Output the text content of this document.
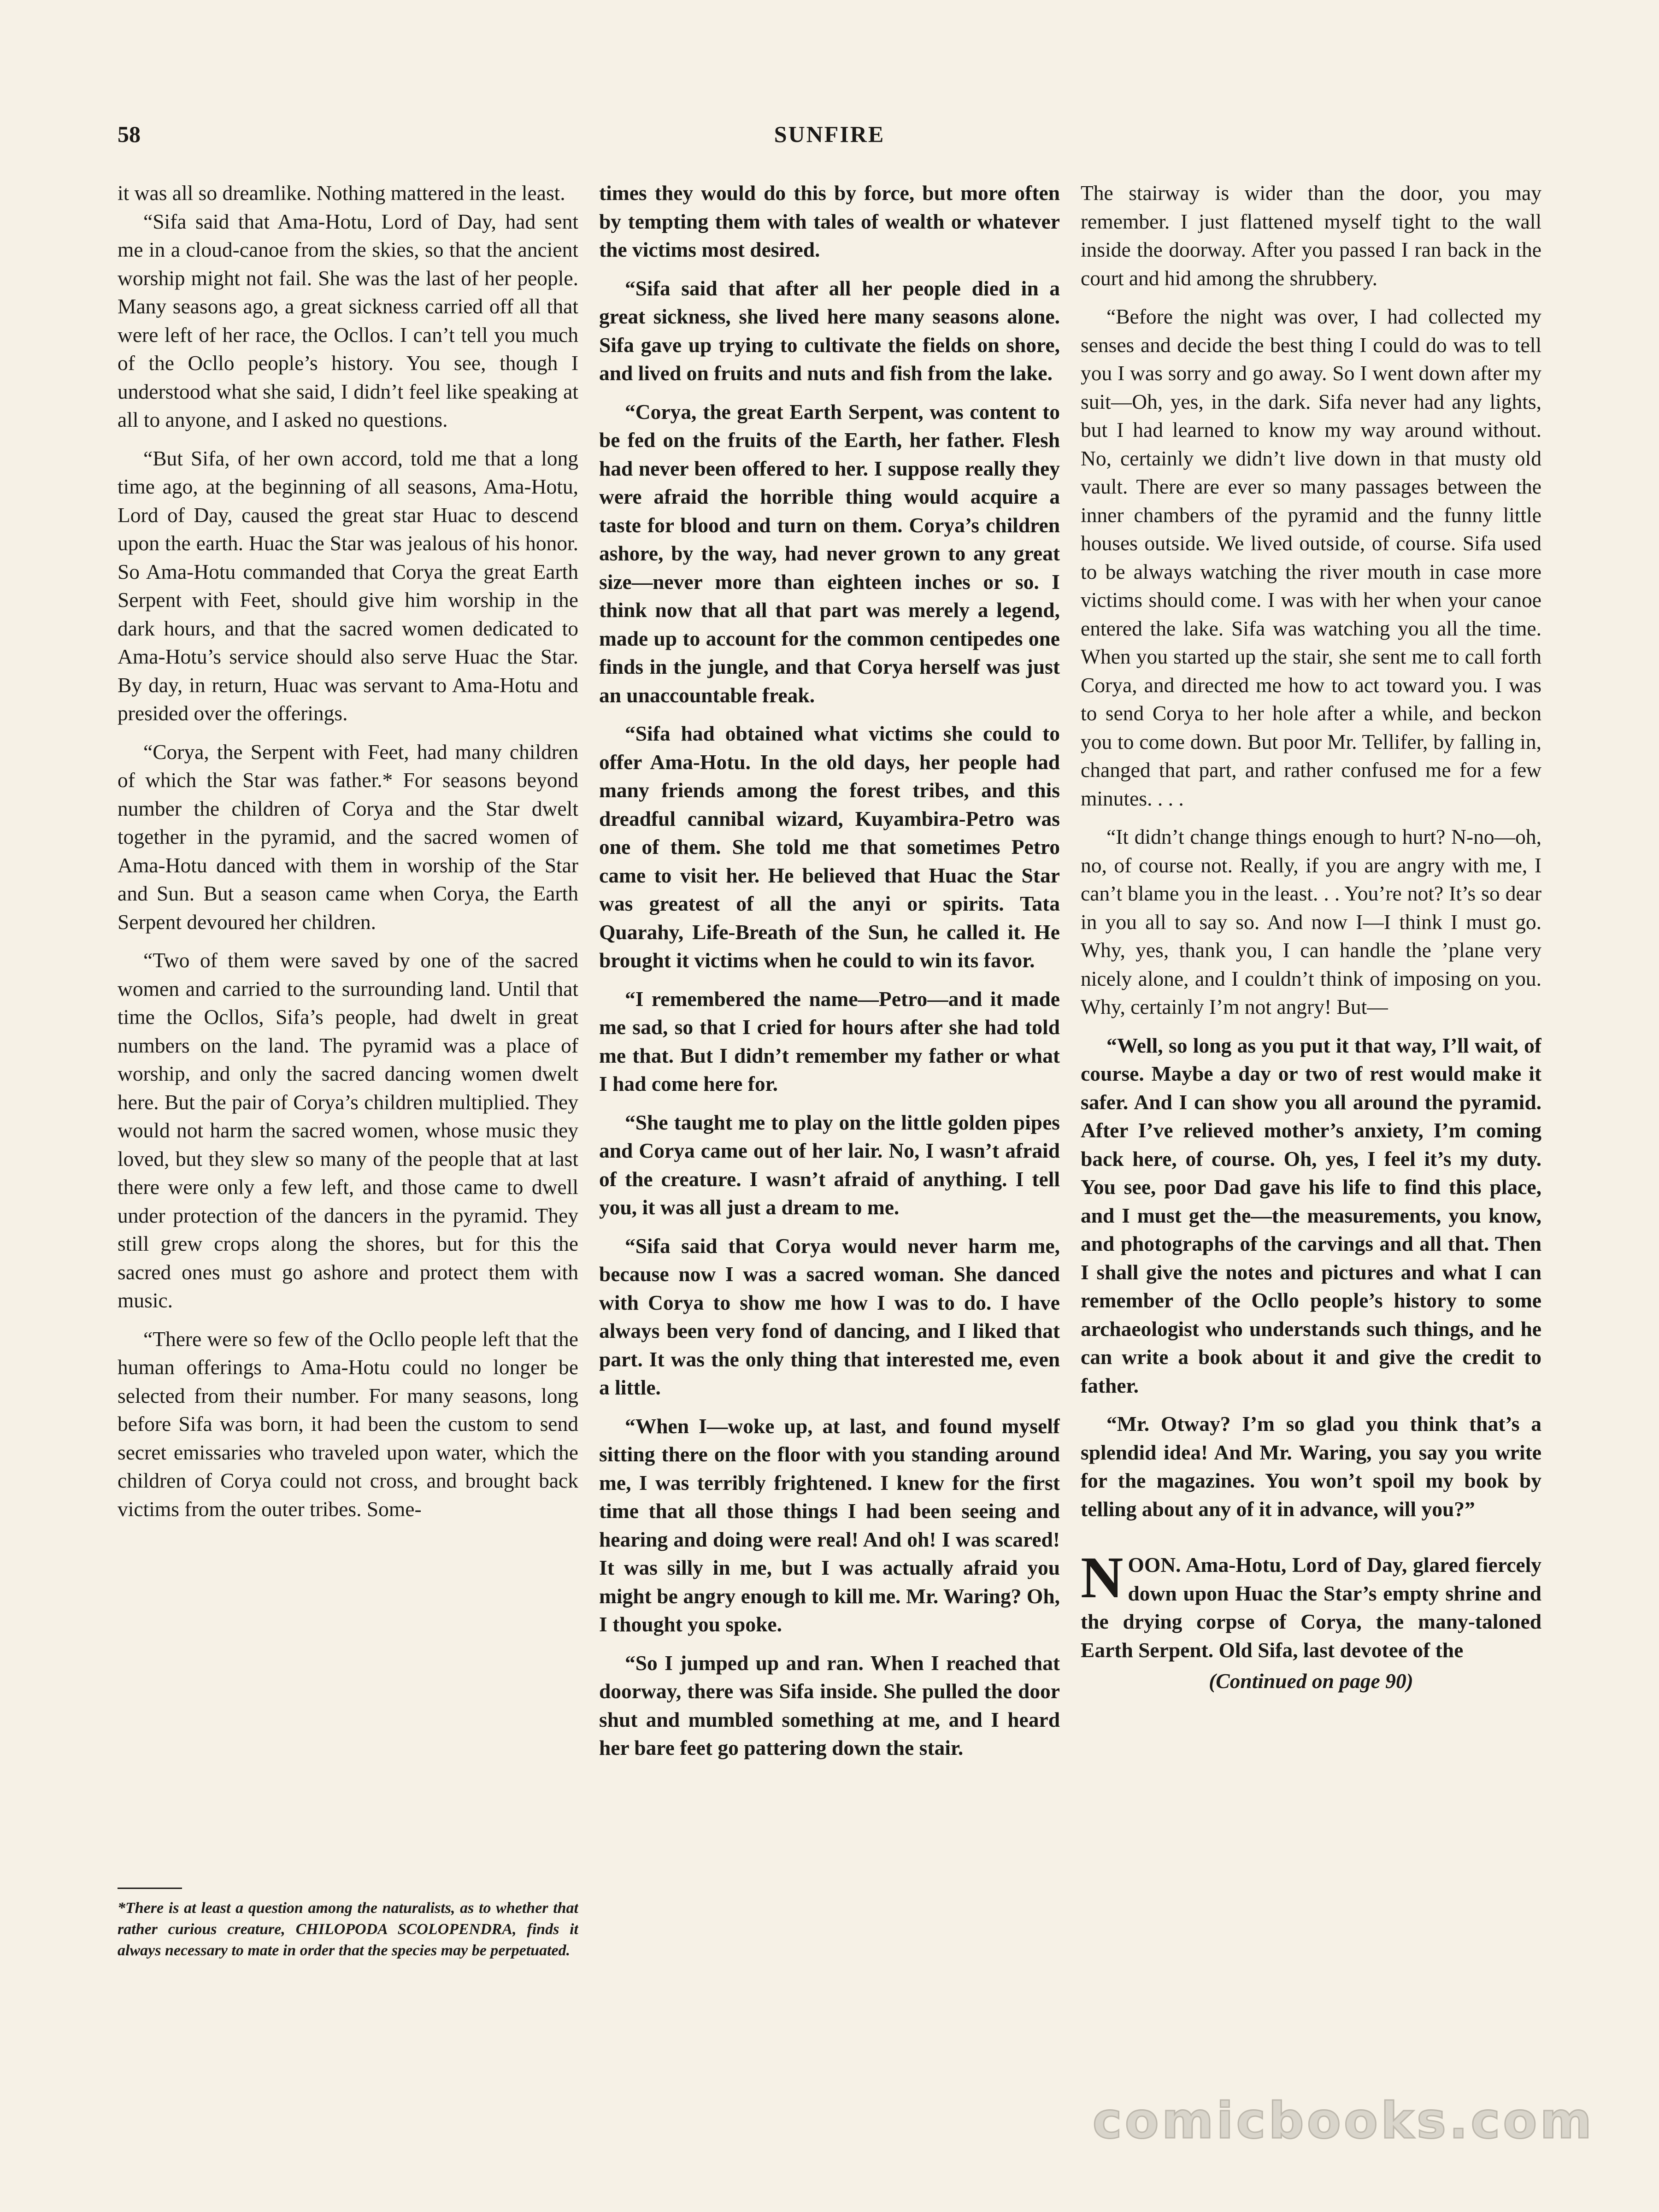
58	SUNFIRE

it was all so dreamlike. Nothing mattered in the least.

“Sifa said that Ama-Hotu, Lord of Day, had sent me in a cloud-canoe from the skies, so that the ancient worship might not fail. She was the last of her people. Many seasons ago, a great sickness carried off all that were left of her race, the Ocllos. I can’t tell you much of the Ocllo people’s history. You see, though I understood what she said, I didn’t feel like speaking at all to anyone, and I asked no questions.

“But Sifa, of her own accord, told me that a long time ago, at the beginning of all seasons, Ama-Hotu, Lord of Day, caused the great star Huac to descend upon the earth. Huac the Star was jealous of his honor. So Ama-Hotu commanded that Corya the great Earth Serpent with Feet, should give him worship in the dark hours, and that the sacred women dedicated to Ama-Hotu’s service should also serve Huac the Star. By day, in return, Huac was servant to Ama-Hotu and presided over the offerings.

“Corya, the Serpent with Feet, had many children of which the Star was father.* For seasons beyond number the children of Corya and the Star dwelt together in the pyramid, and the sacred women of Ama-Hotu danced with them in worship of the Star and Sun. But a season came when Corya, the Earth Serpent devoured her children.

“Two of them were saved by one of the sacred women and carried to the surrounding land. Until that time the Ocllos, Sifa’s people, had dwelt in great numbers on the land. The pyramid was a place of worship, and only the sacred dancing women dwelt here. But the pair of Corya’s children multiplied. They would not harm the sacred women, whose music they loved, but they slew so many of the people that at last there were only a few left, and those came to dwell under protection of the dancers in the pyramid. They still grew crops along the shores, but for this the sacred ones must go ashore and protect them with music.

“There were so few of the Ocllo people left that the human offerings to Ama-Hotu could no longer be selected from their number. For many seasons, long before Sifa was born, it had been the custom to send secret emissaries who traveled upon water, which the children of Corya could not cross, and brought back victims from the outer tribes. Some-

*There is at least a question among the naturalists, as to whether that rather curious creature, CHILOPODA SCOLOPENDRA, finds it always necessary to mate in order that the species may be perpetuated.

times they would do this by force, but more often by tempting them with tales of wealth or whatever the victims most desired.

“Sifa said that after all her people died in a great sickness, she lived here many seasons alone. Sifa gave up trying to cultivate the fields on shore, and lived on fruits and nuts and fish from the lake.

“Corya, the great Earth Serpent, was content to be fed on the fruits of the Earth, her father. Flesh had never been offered to her. I suppose really they were afraid the horrible thing would acquire a taste for blood and turn on them. Corya’s children ashore, by the way, had never grown to any great size—never more than eighteen inches or so. I think now that all that part was merely a legend, made up to account for the common centipedes one finds in the jungle, and that Corya herself was just an unaccountable freak.

“Sifa had obtained what victims she could to offer Ama-Hotu. In the old days, her people had many friends among the forest tribes, and this dreadful cannibal wizard, Kuyambira-Petro was one of them. She told me that sometimes Petro came to visit her. He believed that Huac the Star was greatest of all the anyi or spirits. Tata Quarahy, Life-Breath of the Sun, he called it. He brought it victims when he could to win its favor.

“I remembered the name—Petro—and it made me sad, so that I cried for hours after she had told me that. But I didn’t remember my father or what I had come here for.

“She taught me to play on the little golden pipes and Corya came out of her lair. No, I wasn’t afraid of the creature. I wasn’t afraid of anything. I tell you, it was all just a dream to me.

“Sifa said that Corya would never harm me, because now I was a sacred woman. She danced with Corya to show me how I was to do. I have always been very fond of dancing, and I liked that part. It was the only thing that interested me, even a little.

“When I—woke up, at last, and found myself sitting there on the floor with you standing around me, I was terribly frightened. I knew for the first time that all those things I had been seeing and hearing and doing were real! And oh! I was scared! It was silly in me, but I was actually afraid you might be angry enough to kill me. Mr. Waring? Oh, I thought you spoke.

“So I jumped up and ran. When I reached that doorway, there was Sifa inside. She pulled the door shut and mumbled something at me, and I heard her bare feet go pattering down the stair.

The stairway is wider than the door, you may remember. I just flattened myself tight to the wall inside the doorway. After you passed I ran back in the court and hid among the shrubbery.

“Before the night was over, I had collected my senses and decide the best thing I could do was to tell you I was sorry and go away. So I went down after my suit—Oh, yes, in the dark. Sifa never had any lights, but I had learned to know my way around without. No, certainly we didn’t live down in that musty old vault. There are ever so many passages between the inner chambers of the pyramid and the funny little houses outside. We lived outside, of course. Sifa used to be always watching the river mouth in case more victims should come. I was with her when your canoe entered the lake. Sifa was watching you all the time. When you started up the stair, she sent me to call forth Corya, and directed me how to act toward you. I was to send Corya to her hole after a while, and beckon you to come down. But poor Mr. Tellifer, by falling in, changed that part, and rather confused me for a few minutes. . . .

“It didn’t change things enough to hurt? N-no—oh, no, of course not. Really, if you are angry with me, I can’t blame you in the least. . . You’re not? It’s so dear in you all to say so. And now I—I think I must go. Why, yes, thank you, I can handle the ’plane very nicely alone, and I couldn’t think of imposing on you. Why, certainly I’m not angry! But—

“Well, so long as you put it that way, I’ll wait, of course. Maybe a day or two of rest would make it safer. And I can show you all around the pyramid. After I’ve relieved mother’s anxiety, I’m coming back here, of course. Oh, yes, I feel it’s my duty. You see, poor Dad gave his life to find this place, and I must get the—the measurements, you know, and photographs of the carvings and all that. Then I shall give the notes and pictures and what I can remember of the Ocllo people’s history to some archaeologist who understands such things, and he can write a book about it and give the credit to father.

“Mr. Otway? I’m so glad you think that’s a splendid idea! And Mr. Waring, you say you write for the magazines. You won’t spoil my book by telling about any of it in advance, will you?”

NOON. Ama-Hotu, Lord of Day, glared fiercely down upon Huac the Star’s empty shrine and the drying corpse of Corya, the many-taloned Earth Serpent. Old Sifa, last devotee of the

(Continued on page 90)

comicbooks.com
